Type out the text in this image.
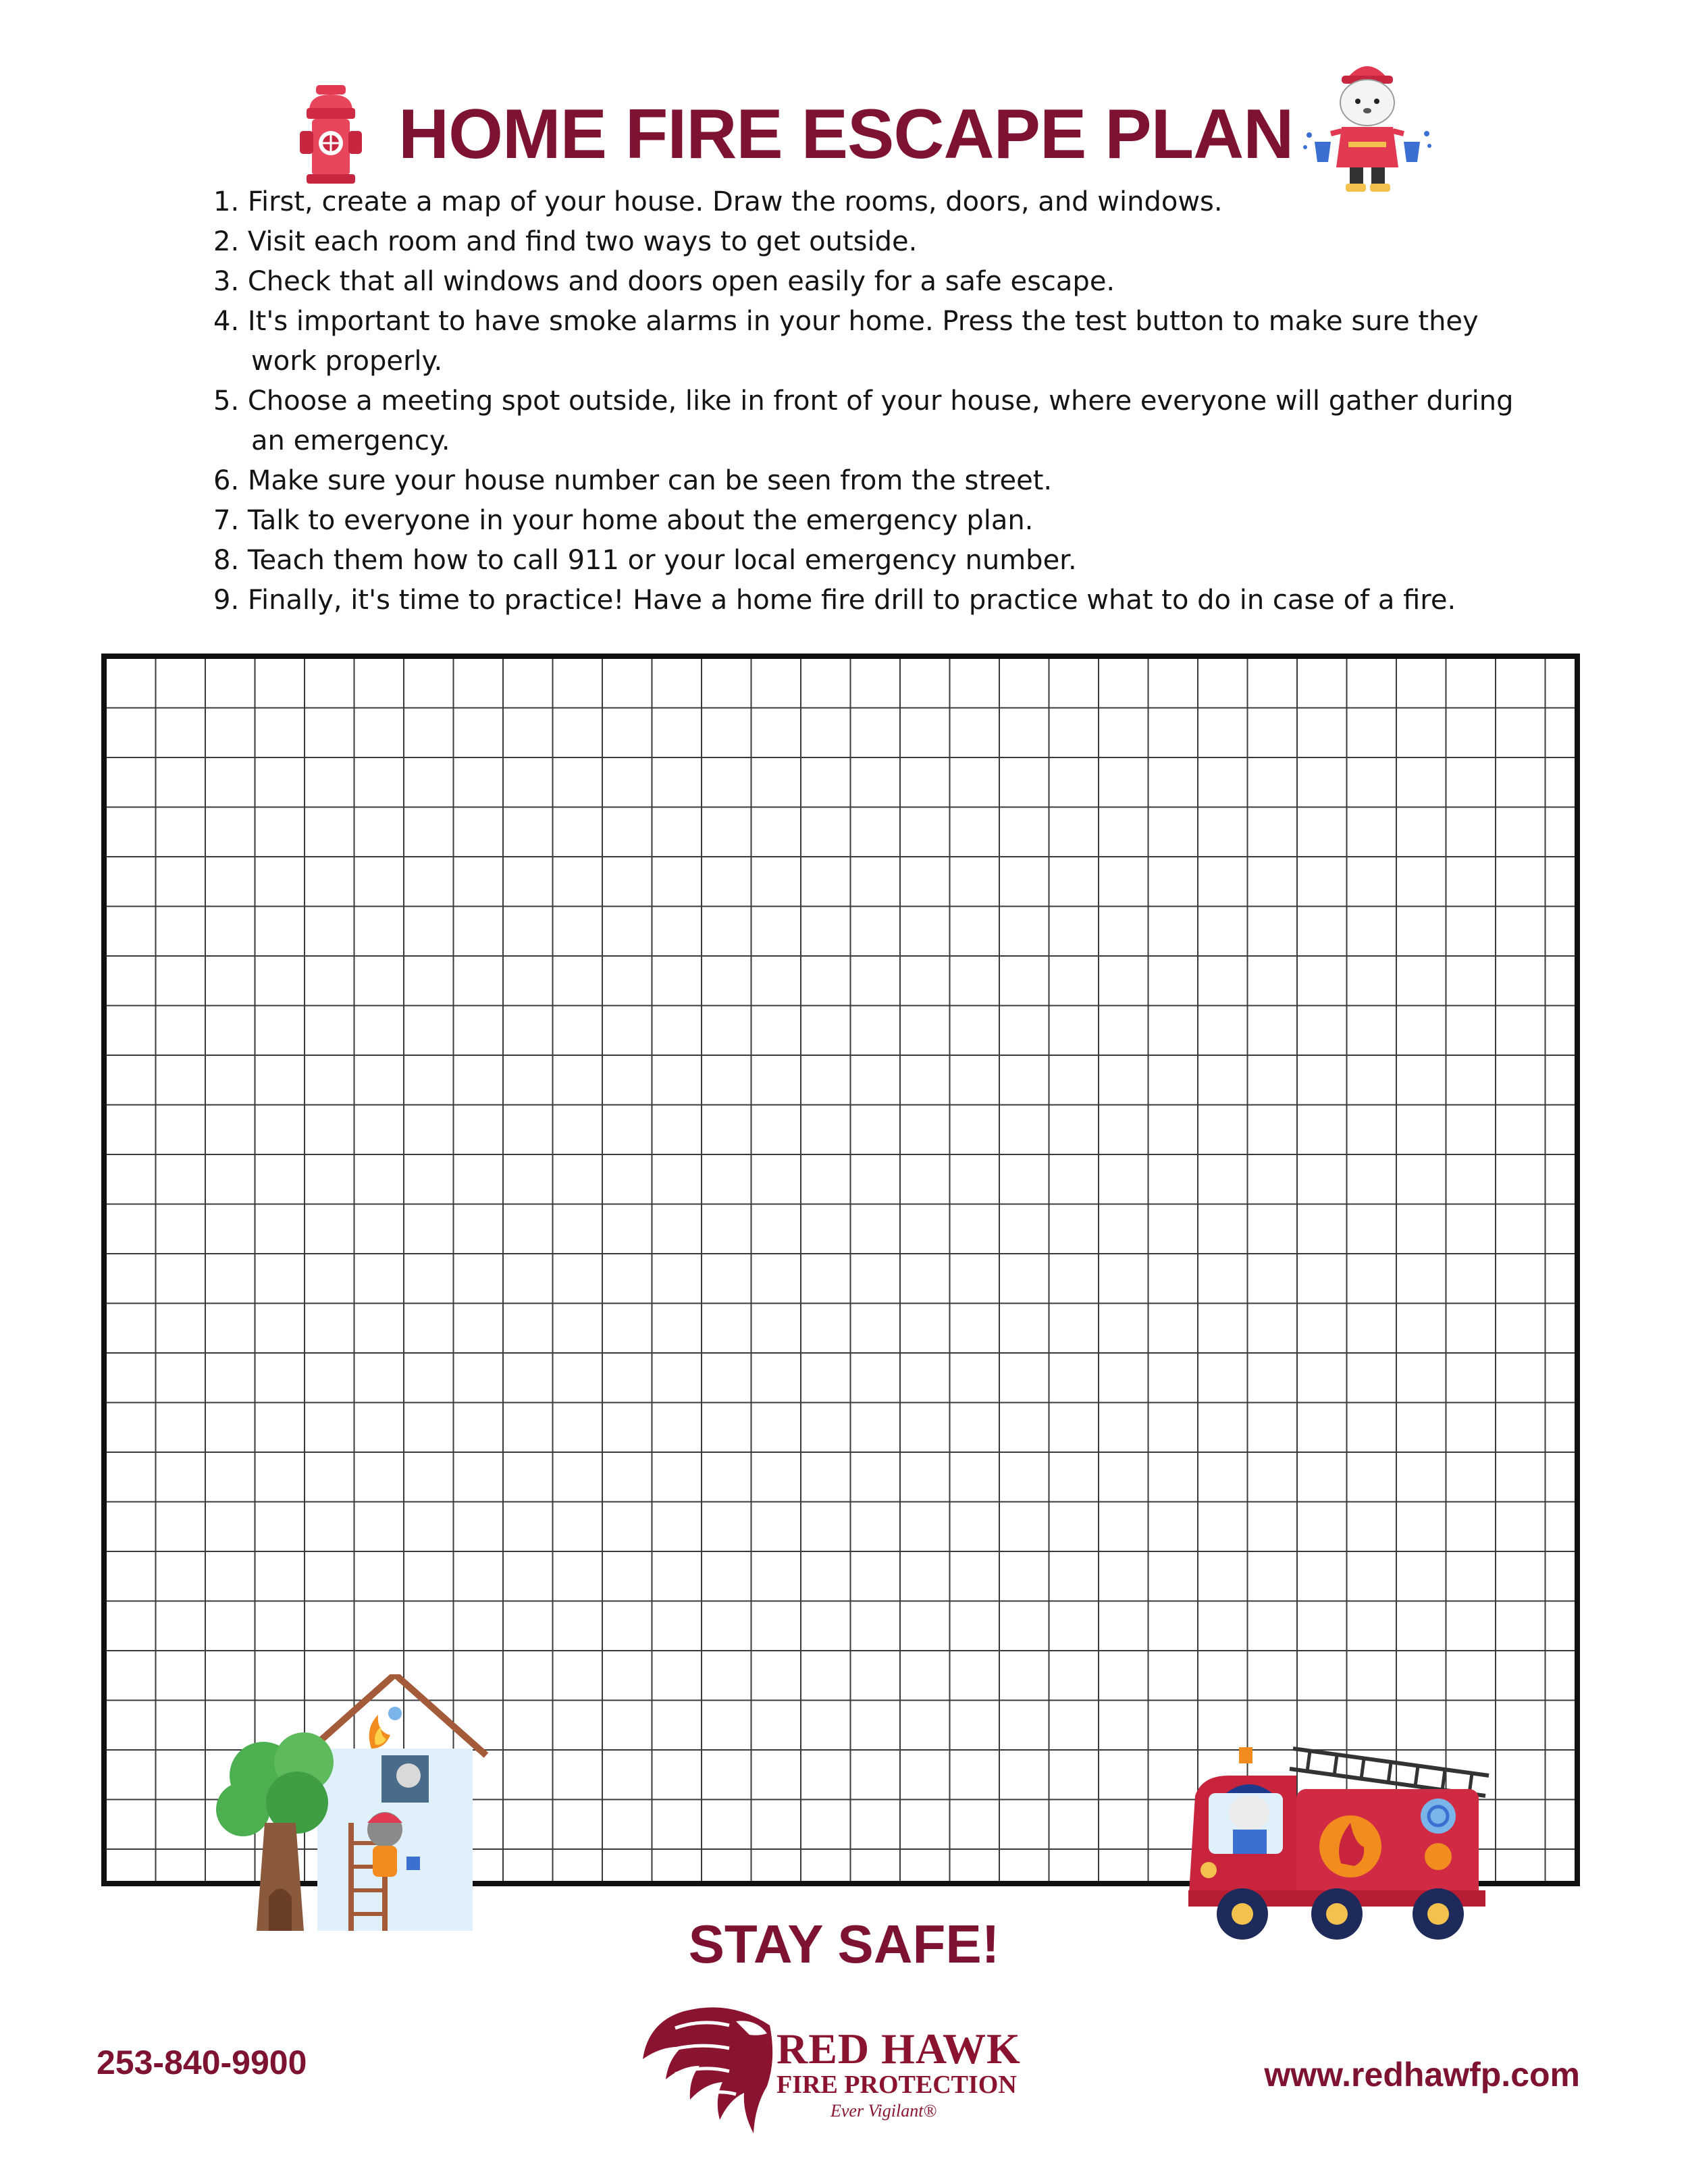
HOME FIRE ESCAPE PLAN
1. First, create a map of your house. Draw the rooms, doors, and windows.
2. Visit each room and find two ways to get outside.
3. Check that all windows and doors open easily for a safe escape.
4. It's important to have smoke alarms in your home. Press the test button to make sure they work properly.
5. Choose a meeting spot outside, like in front of your house, where everyone will gather during an emergency.
6. Make sure your house number can be seen from the street.
7. Talk to everyone in your home about the emergency plan.
8. Teach them how to call 911 or your local emergency number.
9. Finally, it's time to practice! Have a home fire drill to practice what to do in case of a fire.
STAY SAFE!
253-840-9900	RED HAWK
FIRE PROTECTION
Ever Vigilant®
www.redhawfp.com
